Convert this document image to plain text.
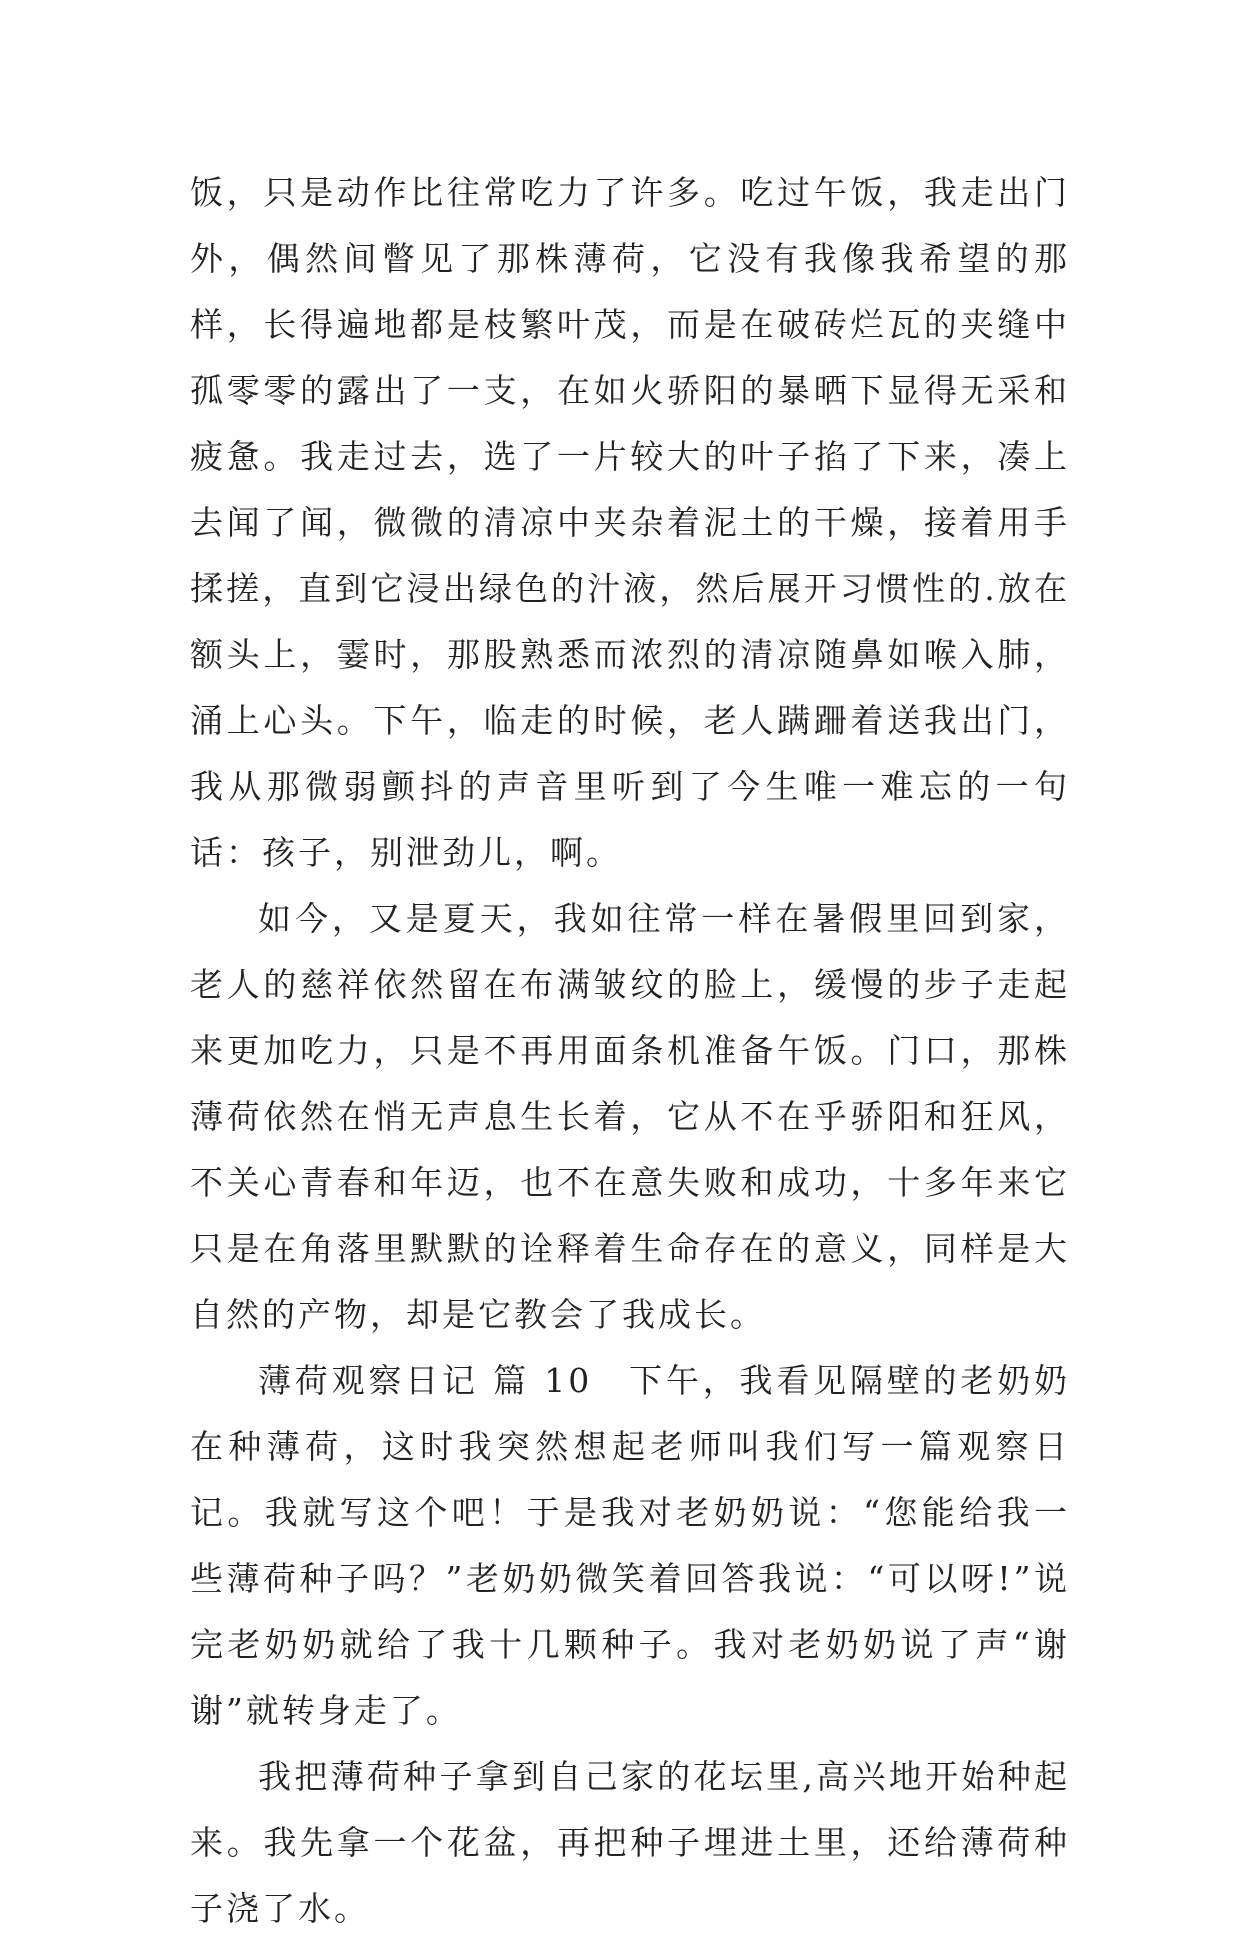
饭，只是动作比往常吃力了许多。吃过午饭，我走出门外，偶然间瞥见了那株薄荷，它没有我像我希望的那样，长得遍地都是枝繁叶茂，而是在破砖烂瓦的夹缝中孤零零的露出了一支，在如火骄阳的暴晒下显得无采和疲惫。我走过去，选了一片较大的叶子掐了下来，凑上去闻了闻，微微的清凉中夹杂着泥土的干燥，接着用手揉搓，直到它浸出绿色的汁液，然后展开习惯性的.放在额头上，霎时，那股熟悉而浓烈的清凉随鼻如喉入肺，涌上心头。下午，临走的时候，老人蹒跚着送我出门，我从那微弱颤抖的声音里听到了今生唯一难忘的一句话：孩子，别泄劲儿，啊。

如今，又是夏天，我如往常一样在暑假里回到家，老人的慈祥依然留在布满皱纹的脸上，缓慢的步子走起来更加吃力，只是不再用面条机准备午饭。门口，那株薄荷依然在悄无声息生长着，它从不在乎骄阳和狂风，不关心青春和年迈，也不在意失败和成功，十多年来它只是在角落里默默的诠释着生命存在的意义，同样是大自然的产物，却是它教会了我成长。

薄荷观察日记 篇 10 下午，我看见隔壁的老奶奶在种薄荷，这时我突然想起老师叫我们写一篇观察日记。我就写这个吧！于是我对老奶奶说：“您能给我一些薄荷种子吗？”老奶奶微笑着回答我说：“可以呀!”说完老奶奶就给了我十几颗种子。我对老奶奶说了声“谢谢”就转身走了。

我把薄荷种子拿到自己家的花坛里,高兴地开始种起来。我先拿一个花盆，再把种子埋进土里，还给薄荷种子浇了水。
